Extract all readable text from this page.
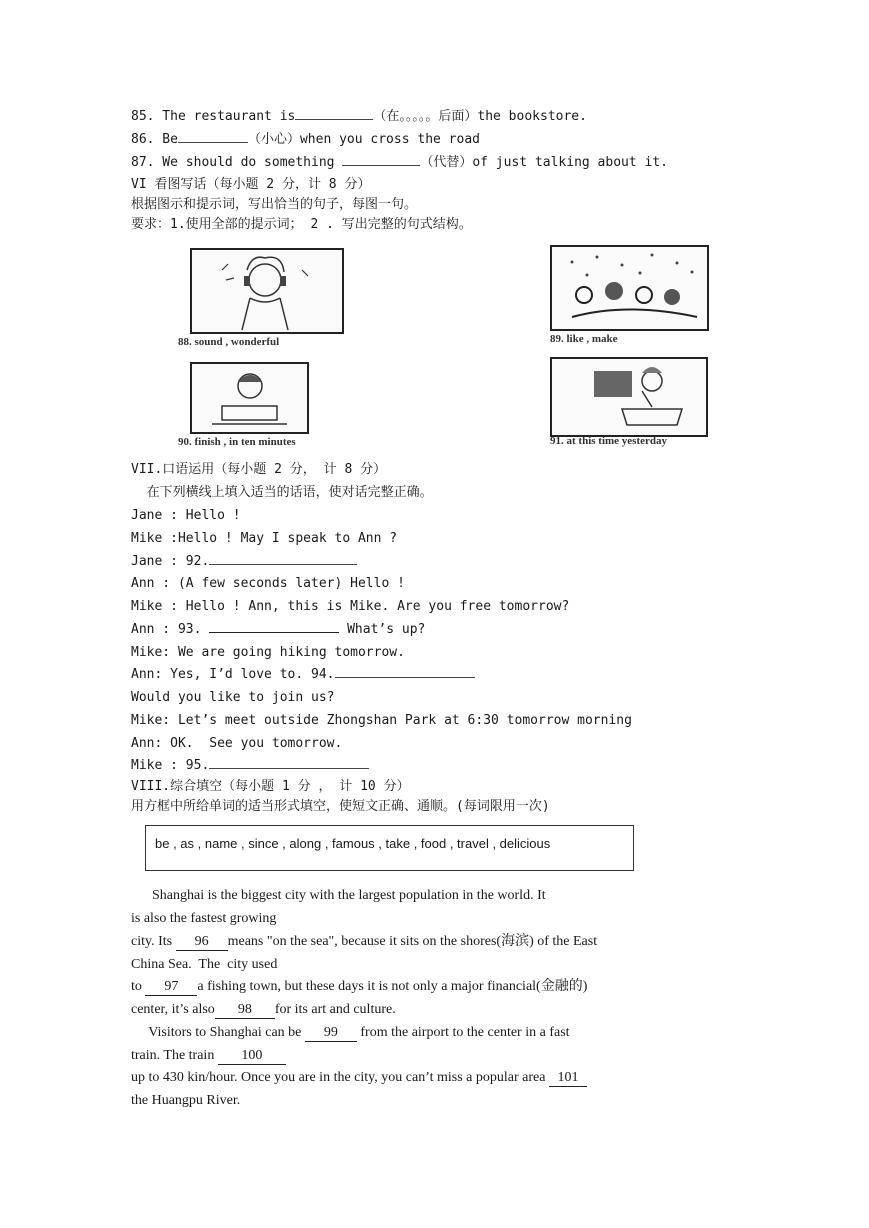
85. The restaurant is	（在。。。。。后面）the bookstore.
86. Be	（小心）when you cross the road
87. We should do something	（代替）of just talking about it.
VI 看图写话（每小题 2 分，计 8 分）
根据图示和提示词，写出恰当的句子，每图一句。
要求：1.使用全部的提示词； 2 . 写出完整的句式结构。
88. sound , wonderful	89. like , make
90. finish , in ten minutes	91. at this time yesterday
VII.口语运用（每小题 2 分， 计 8 分）
在下列横线上填入适当的话语，使对话完整正确。
Jane : Hello !
Mike :Hello ! May I speak to Ann ?
Jane : 92.
Ann : (A few seconds later) Hello !
Mike : Hello ! Ann, this is Mike. Are you free tomorrow?
Ann : 93.	What’s up?
Mike: We are going hiking tomorrow.
Ann: Yes, I’d love to. 94.
Would you like to join us?
Mike: Let’s meet outside Zhongshan Park at 6:30 tomorrow morning
Ann: OK.  See you tomorrow.
Mike : 95.
VIII.综合填空（每小题 1 分 ， 计 10 分）
用方框中所给单词的适当形式填空，使短文正确、通顺。(每词限用一次)
be , as , name , since , along , famous , take , food , travel , delicious
Shanghai is the biggest city with the largest population in the world. It
is also the fastest growing
city. Its 96 means "on the sea", because it sits on the shores(海滨) of the East
China Sea.  The  city used
to 97 a fishing town, but these days it is not only a major financial(金融的)
center, it’s also 98 for its art and culture.
Visitors to Shanghai can be 99 from the airport to the center in a fast
train. The train 100
up to 430 kin/hour. Once you are in the city, you can’t miss a popular area 101
the Huangpu River.
